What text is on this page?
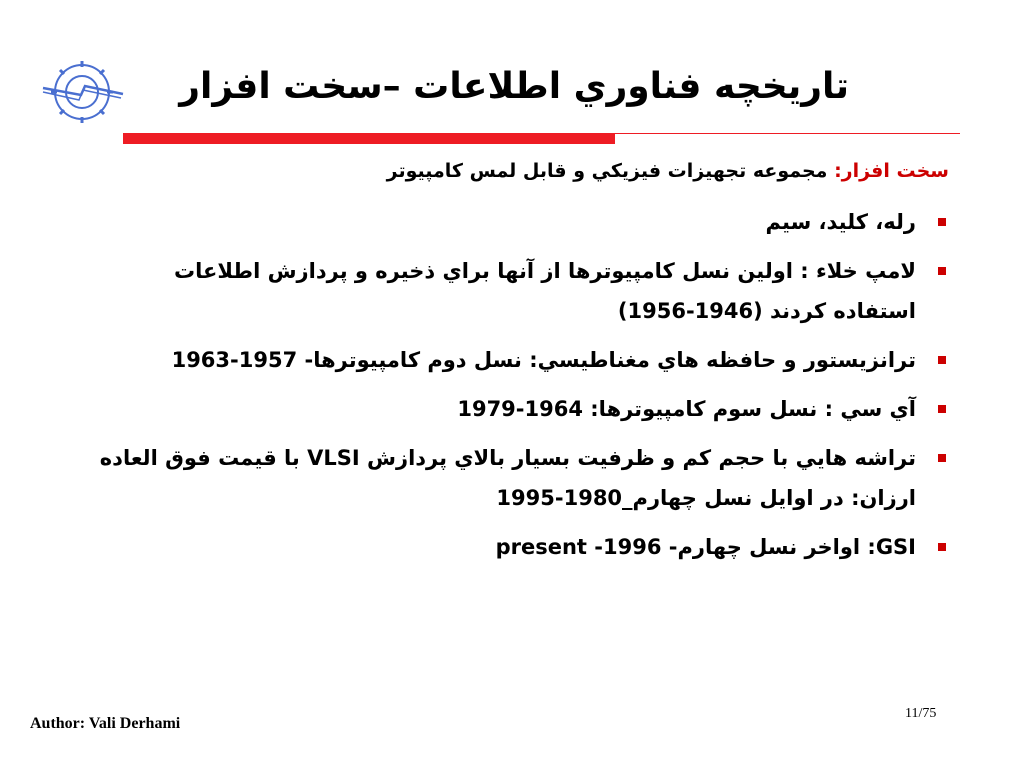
تاريخچه فناوري اطلاعات –سخت افزار
سخت افزار: مجموعه تجهيزات فيزيكي و قابل لمس كامپيوتر
رله، كليد، سيم
لامپ خلاء : اولين نسل كامپيوترها از آنها براي ذخيره و پردازش اطلاعات استفاده كردند (1946-1956)
ترانزيستور و حافظه هاي مغناطيسي: نسل دوم كامپيوترها- 1957-1963
آي سي : نسل سوم كامپيوترها: 1964-1979
تراشه هايي با حجم كم و ظرفيت بسيار بالاي پردازش VLSI با قيمت فوق العاده ارزان: در اوايل نسل چهارم_1980-1995
GSI: اواخر نسل چهارم- 1996- present
Author: Vali Derhami
11/75
